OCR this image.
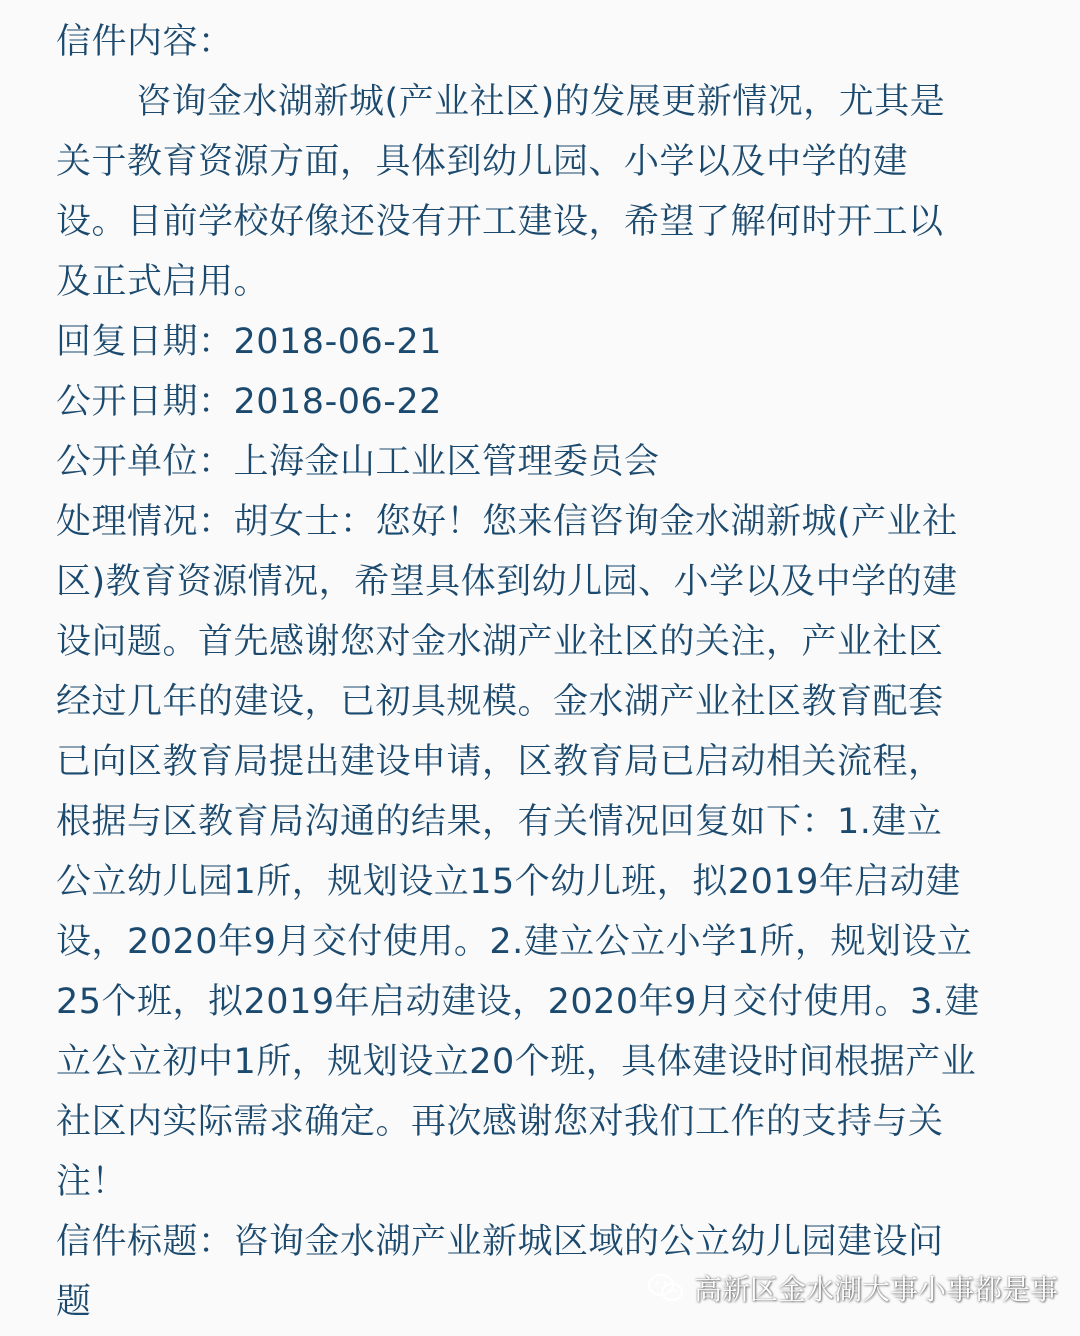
信件内容：
咨询金水湖新城(产业社区)的发展更新情况，尤其是
关于教育资源方面，具体到幼儿园、小学以及中学的建
设。目前学校好像还没有开工建设，希望了解何时开工以
及正式启用。
回复日期：2018-06-21
公开日期：2018-06-22
公开单位：上海金山工业区管理委员会
处理情况：胡女士：您好！您来信咨询金水湖新城(产业社
区)教育资源情况，希望具体到幼儿园、小学以及中学的建
设问题。首先感谢您对金水湖产业社区的关注，产业社区
经过几年的建设，已初具规模。金水湖产业社区教育配套
已向区教育局提出建设申请，区教育局已启动相关流程，
根据与区教育局沟通的结果，有关情况回复如下：1.建立
公立幼儿园1所，规划设立15个幼儿班，拟2019年启动建
设，2020年9月交付使用。2.建立公立小学1所，规划设立
25个班，拟2019年启动建设，2020年9月交付使用。3.建
立公立初中1所，规划设立20个班，具体建设时间根据产业
社区内实际需求确定。再次感谢您对我们工作的支持与关
注！
信件标题：咨询金水湖产业新城区域的公立幼儿园建设问
题	高新区金水湖大事小事都是事
